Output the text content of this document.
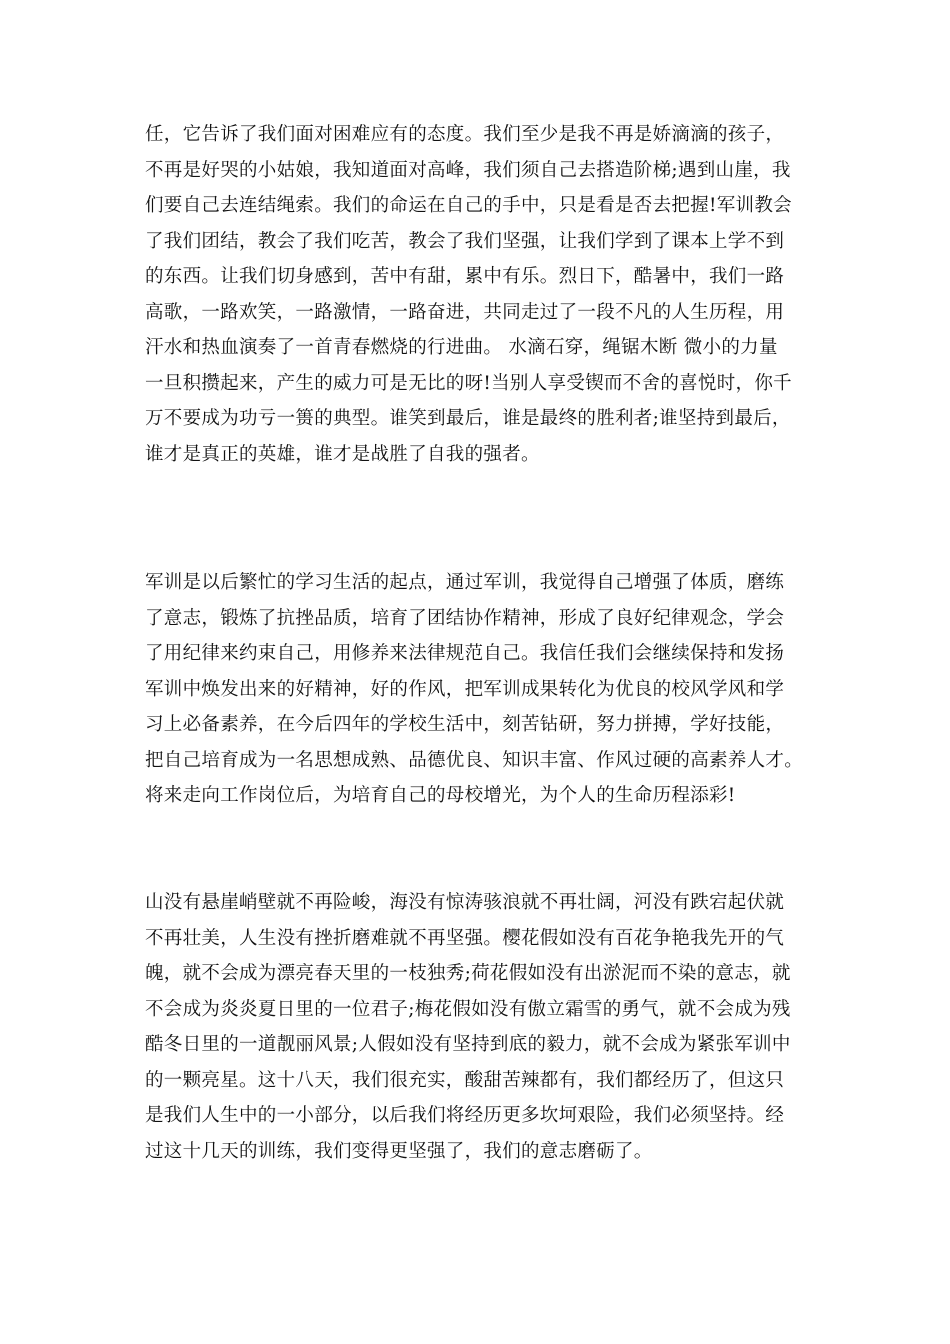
任，它告诉了我们面对困难应有的态度。我们至少是我不再是娇滴滴的孩子，
不再是好哭的小姑娘，我知道面对高峰，我们须自己去搭造阶梯;遇到山崖，我
们要自己去连结绳索。我们的命运在自己的手中，只是看是否去把握!军训教会
了我们团结，教会了我们吃苦，教会了我们坚强，让我们学到了课本上学不到
的东西。让我们切身感到，苦中有甜，累中有乐。烈日下，酷暑中，我们一路
高歌，一路欢笑，一路激情，一路奋进，共同走过了一段不凡的人生历程，用
汗水和热血演奏了一首青春燃烧的行进曲。 水滴石穿，绳锯木断 微小的力量
一旦积攒起来，产生的威力可是无比的呀!当别人享受锲而不舍的喜悦时，你千
万不要成为功亏一篑的典型。谁笑到最后，谁是最终的胜利者;谁坚持到最后，
谁才是真正的英雄，谁才是战胜了自我的强者。
军训是以后繁忙的学习生活的起点，通过军训，我觉得自己增强了体质，磨练
了意志，锻炼了抗挫品质，培育了团结协作精神，形成了良好纪律观念，学会
了用纪律来约束自己，用修养来法律规范自己。我信任我们会继续保持和发扬
军训中焕发出来的好精神，好的作风，把军训成果转化为优良的校风学风和学
习上必备素养，在今后四年的学校生活中，刻苦钻研，努力拼搏，学好技能，
把自己培育成为一名思想成熟、品德优良、知识丰富、作风过硬的高素养人才。
将来走向工作岗位后，为培育自己的母校增光，为个人的生命历程添彩!
山没有悬崖峭壁就不再险峻，海没有惊涛骇浪就不再壮阔，河没有跌宕起伏就
不再壮美，人生没有挫折磨难就不再坚强。樱花假如没有百花争艳我先开的气
魄，就不会成为漂亮春天里的一枝独秀;荷花假如没有出淤泥而不染的意志，就
不会成为炎炎夏日里的一位君子;梅花假如没有傲立霜雪的勇气，就不会成为残
酷冬日里的一道靓丽风景;人假如没有坚持到底的毅力，就不会成为紧张军训中
的一颗亮星。这十八天，我们很充实，酸甜苦辣都有，我们都经历了，但这只
是我们人生中的一小部分，以后我们将经历更多坎坷艰险，我们必须坚持。经
过这十几天的训练，我们变得更坚强了，我们的意志磨砺了。
